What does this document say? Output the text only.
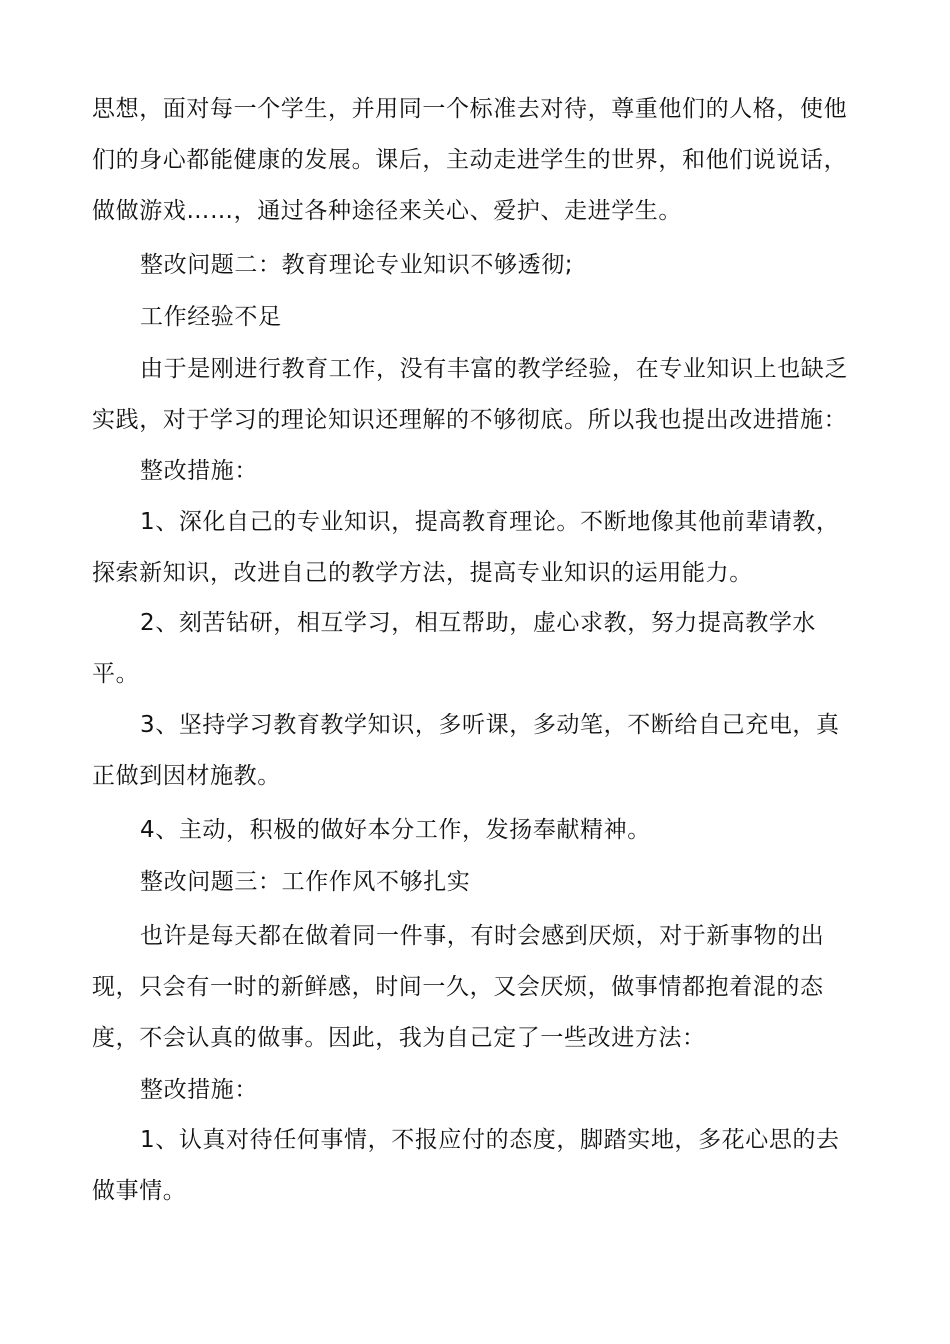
思想，面对每一个学生，并用同一个标准去对待，尊重他们的人格，使他们的身心都能健康的发展。课后，主动走进学生的世界，和他们说说话，做做游戏……，通过各种途径来关心、爱护、走进学生。

整改问题二：教育理论专业知识不够透彻;

工作经验不足

由于是刚进行教育工作，没有丰富的教学经验，在专业知识上也缺乏实践，对于学习的理论知识还理解的不够彻底。所以我也提出改进措施：

整改措施：

1、深化自己的专业知识，提高教育理论。不断地像其他前辈请教，探索新知识，改进自己的教学方法，提高专业知识的运用能力。

2、刻苦钻研，相互学习，相互帮助，虚心求教，努力提高教学水平。

3、坚持学习教育教学知识，多听课，多动笔，不断给自己充电，真正做到因材施教。

4、主动，积极的做好本分工作，发扬奉献精神。

整改问题三：工作作风不够扎实

也许是每天都在做着同一件事，有时会感到厌烦，对于新事物的出现，只会有一时的新鲜感，时间一久，又会厌烦，做事情都抱着混的态度，不会认真的做事。因此，我为自己定了一些改进方法：

整改措施：

1、认真对待任何事情，不报应付的态度，脚踏实地，多花心思的去做事情。
